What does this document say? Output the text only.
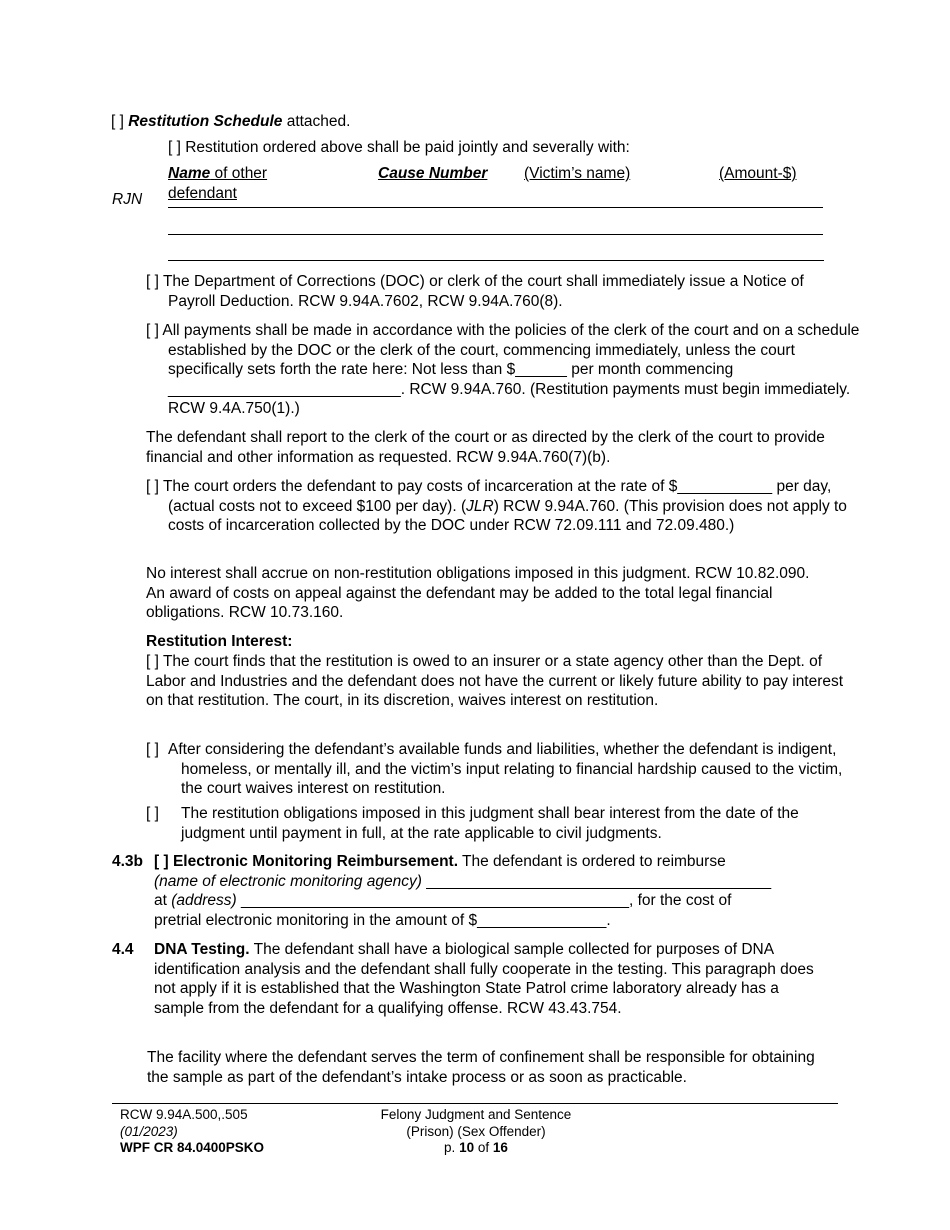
[ ] Restitution Schedule attached.
[ ] Restitution ordered above shall be paid jointly and severally with:
Name of other defendant
Cause Number (Victim’s name)	(Amount-$)
RJN
[ ] The Department of Corrections (DOC) or clerk of the court shall immediately issue a Notice of Payroll Deduction. RCW 9.94A.7602, RCW 9.94A.760(8).
[ ] All payments shall be made in accordance with the policies of the clerk of the court and on a schedule established by the DOC or the clerk of the court, commencing immediately, unless the court specifically sets forth the rate here: Not less than $______ per month commencing ___________________________. RCW 9.94A.760. (Restitution payments must begin immediately. RCW 9.4A.750(1).)
The defendant shall report to the clerk of the court or as directed by the clerk of the court to provide financial and other information as requested. RCW 9.94A.760(7)(b).
[ ] The court orders the defendant to pay costs of incarceration at the rate of $___________ per day, (actual costs not to exceed $100 per day). (JLR) RCW 9.94A.760. (This provision does not apply to costs of incarceration collected by the DOC under RCW 72.09.111 and 72.09.480.)
No interest shall accrue on non-restitution obligations imposed in this judgment. RCW 10.82.090. An award of costs on appeal against the defendant may be added to the total legal financial obligations. RCW 10.73.160.
Restitution Interest:
[ ] The court finds that the restitution is owed to an insurer or a state agency other than the Dept. of Labor and Industries and the defendant does not have the current or likely future ability to pay interest on that restitution. The court, in its discretion, waives interest on restitution.
[ ] After considering the defendant’s available funds and liabilities, whether the defendant is indigent, homeless, or mentally ill, and the victim’s input relating to financial hardship caused to the victim, the court waives interest on restitution.
[ ] The restitution obligations imposed in this judgment shall bear interest from the date of the judgment until payment in full, at the rate applicable to civil judgments.
4.3b [ ] Electronic Monitoring Reimbursement. The defendant is ordered to reimburse
(name of electronic monitoring agency) ________________________________________
at (address) _____________________________________________, for the cost of
pretrial electronic monitoring in the amount of $_______________.
4.4 DNA Testing. The defendant shall have a biological sample collected for purposes of DNA identification analysis and the defendant shall fully cooperate in the testing. This paragraph does not apply if it is established that the Washington State Patrol crime laboratory already has a sample from the defendant for a qualifying offense. RCW 43.43.754.
The facility where the defendant serves the term of confinement shall be responsible for obtaining the sample as part of the defendant’s intake process or as soon as practicable.
RCW 9.94A.500,.505
(01/2023)
WPF CR 84.0400PSKO
Felony Judgment and Sentence
(Prison) (Sex Offender)
p. 10 of 16
